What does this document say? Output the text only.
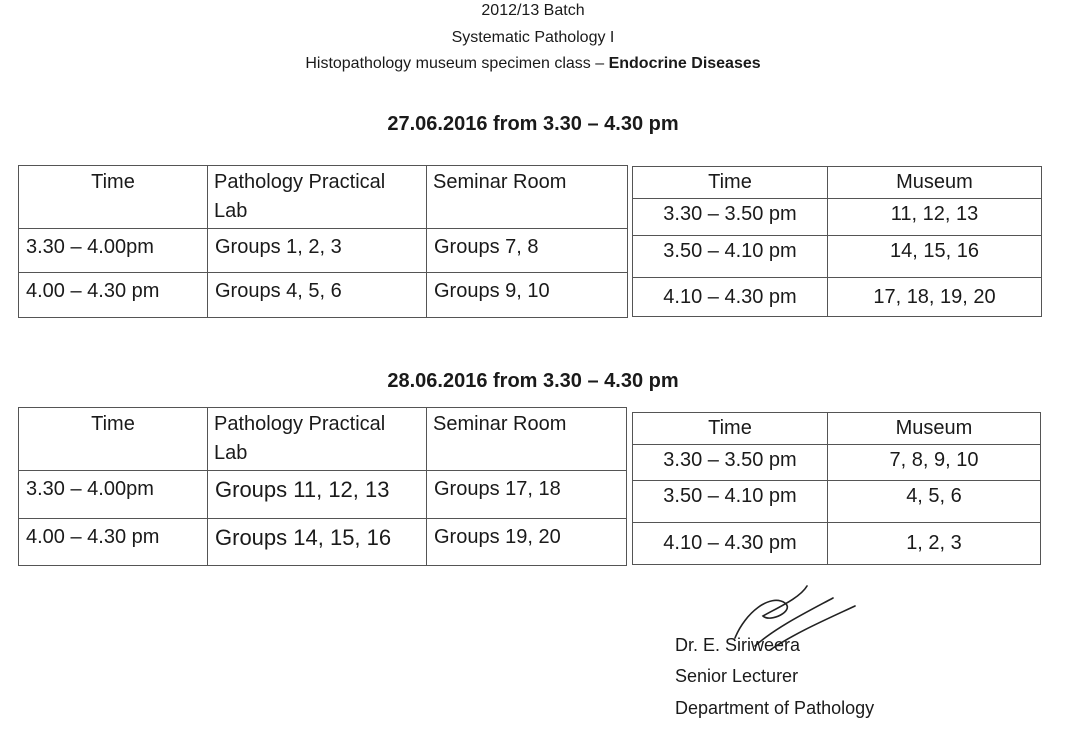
2012/13 Batch
Systematic Pathology I
Histopathology museum specimen class – Endocrine Diseases
27.06.2016 from 3.30 – 4.30 pm
Time	Pathology Practical Lab	Seminar Room
3.30 – 4.00pm	Groups 1, 2, 3	Groups 7, 8
4.00 – 4.30 pm	Groups 4, 5, 6	Groups 9, 10
Time	Museum
3.30 – 3.50 pm	11, 12, 13
3.50 – 4.10 pm	14, 15, 16
4.10 – 4.30 pm	17, 18, 19, 20
28.06.2016 from 3.30 – 4.30 pm
Time	Pathology Practical Lab	Seminar Room
3.30 – 4.00pm	Groups 11, 12, 13	Groups 17, 18
4.00 – 4.30 pm	Groups 14, 15, 16	Groups 19, 20
Time	Museum
3.30 – 3.50 pm	7, 8, 9, 10
3.50 – 4.10 pm	4, 5, 6
4.10 – 4.30 pm	1, 2, 3
Dr. E. Siriweera
Senior Lecturer
Department of Pathology
